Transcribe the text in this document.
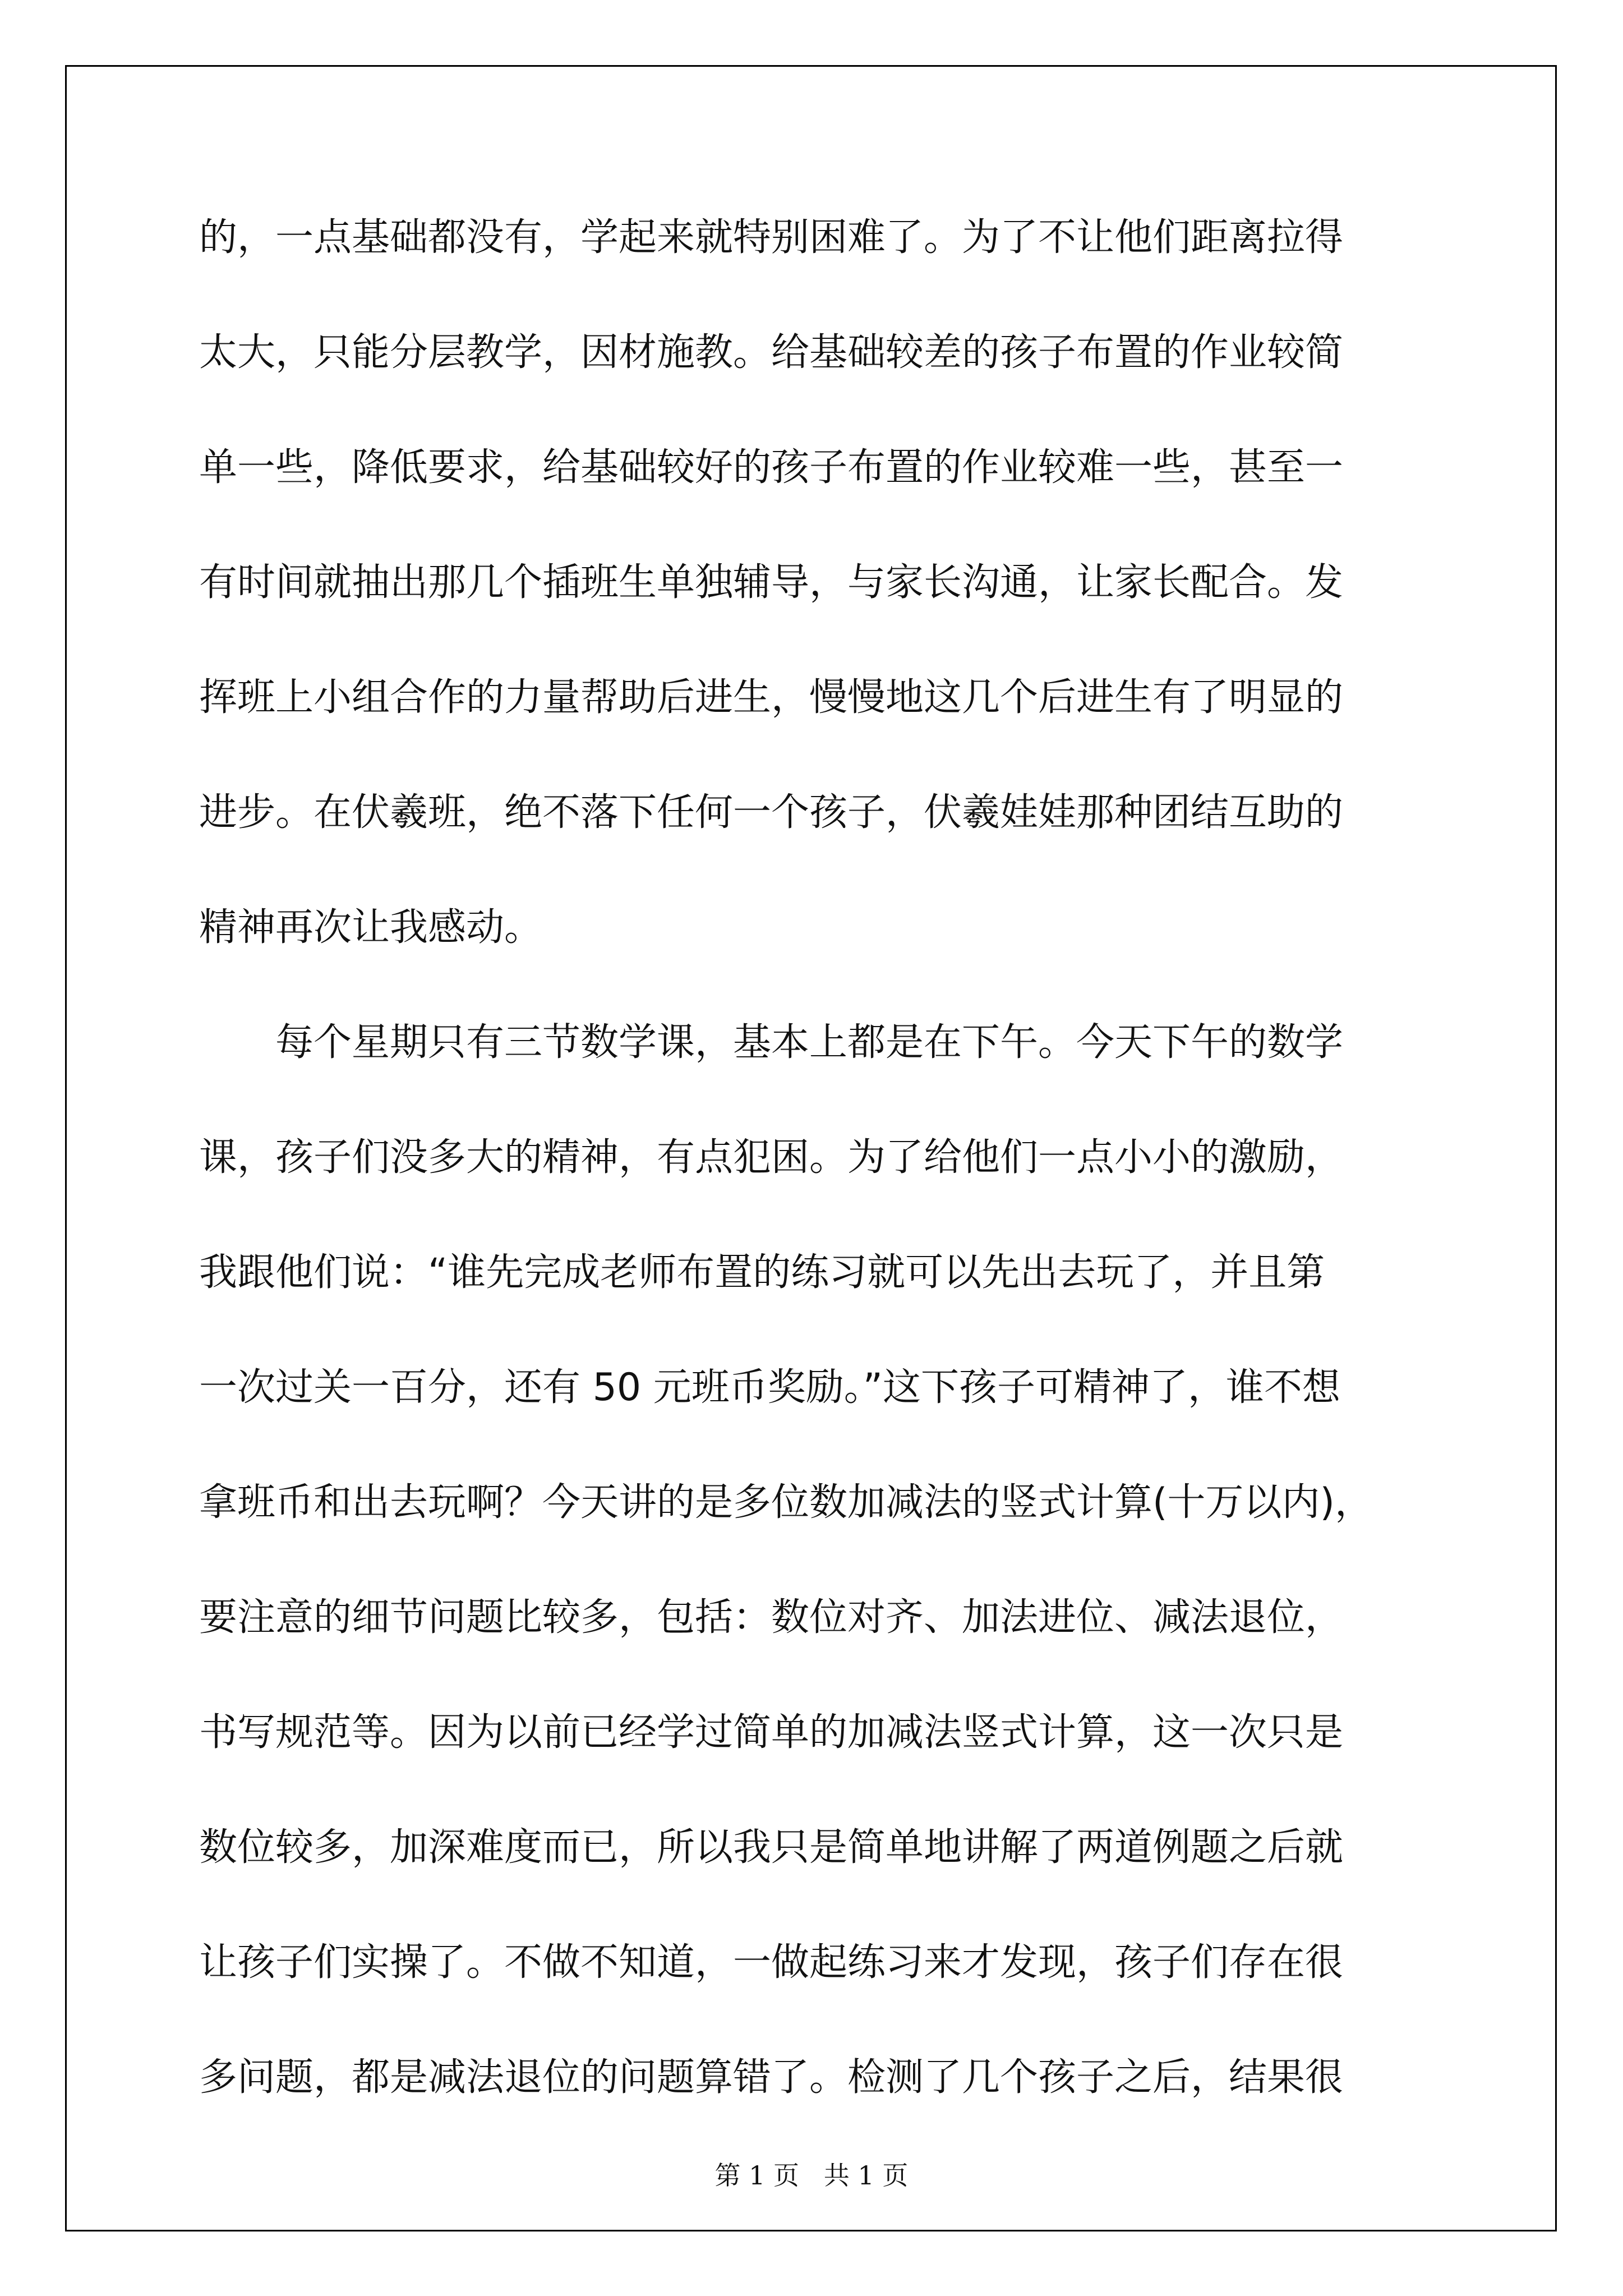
的，一点基础都没有，学起来就特别困难了。为了不让他们距离拉得
太大，只能分层教学，因材施教。给基础较差的孩子布置的作业较简
单一些，降低要求，给基础较好的孩子布置的作业较难一些，甚至一
有时间就抽出那几个插班生单独辅导，与家长沟通，让家长配合。发
挥班上小组合作的力量帮助后进生，慢慢地这几个后进生有了明显的
进步。在伏羲班，绝不落下任何一个孩子，伏羲娃娃那种团结互助的
精神再次让我感动。
　　每个星期只有三节数学课，基本上都是在下午。今天下午的数学
课，孩子们没多大的精神，有点犯困。为了给他们一点小小的激励，
我跟他们说：“谁先完成老师布置的练习就可以先出去玩了，并且第
一次过关一百分，还有 50 元班币奖励。”这下孩子可精神了，谁不想
拿班币和出去玩啊？今天讲的是多位数加减法的竖式计算(十万以内)，
要注意的细节问题比较多，包括：数位对齐、加法进位、减法退位，
书写规范等。因为以前已经学过简单的加减法竖式计算，这一次只是
数位较多，加深难度而已，所以我只是简单地讲解了两道例题之后就
让孩子们实操了。不做不知道，一做起练习来才发现，孩子们存在很
多问题，都是减法退位的问题算错了。检测了几个孩子之后，结果很
第 1 页   共 1 页
